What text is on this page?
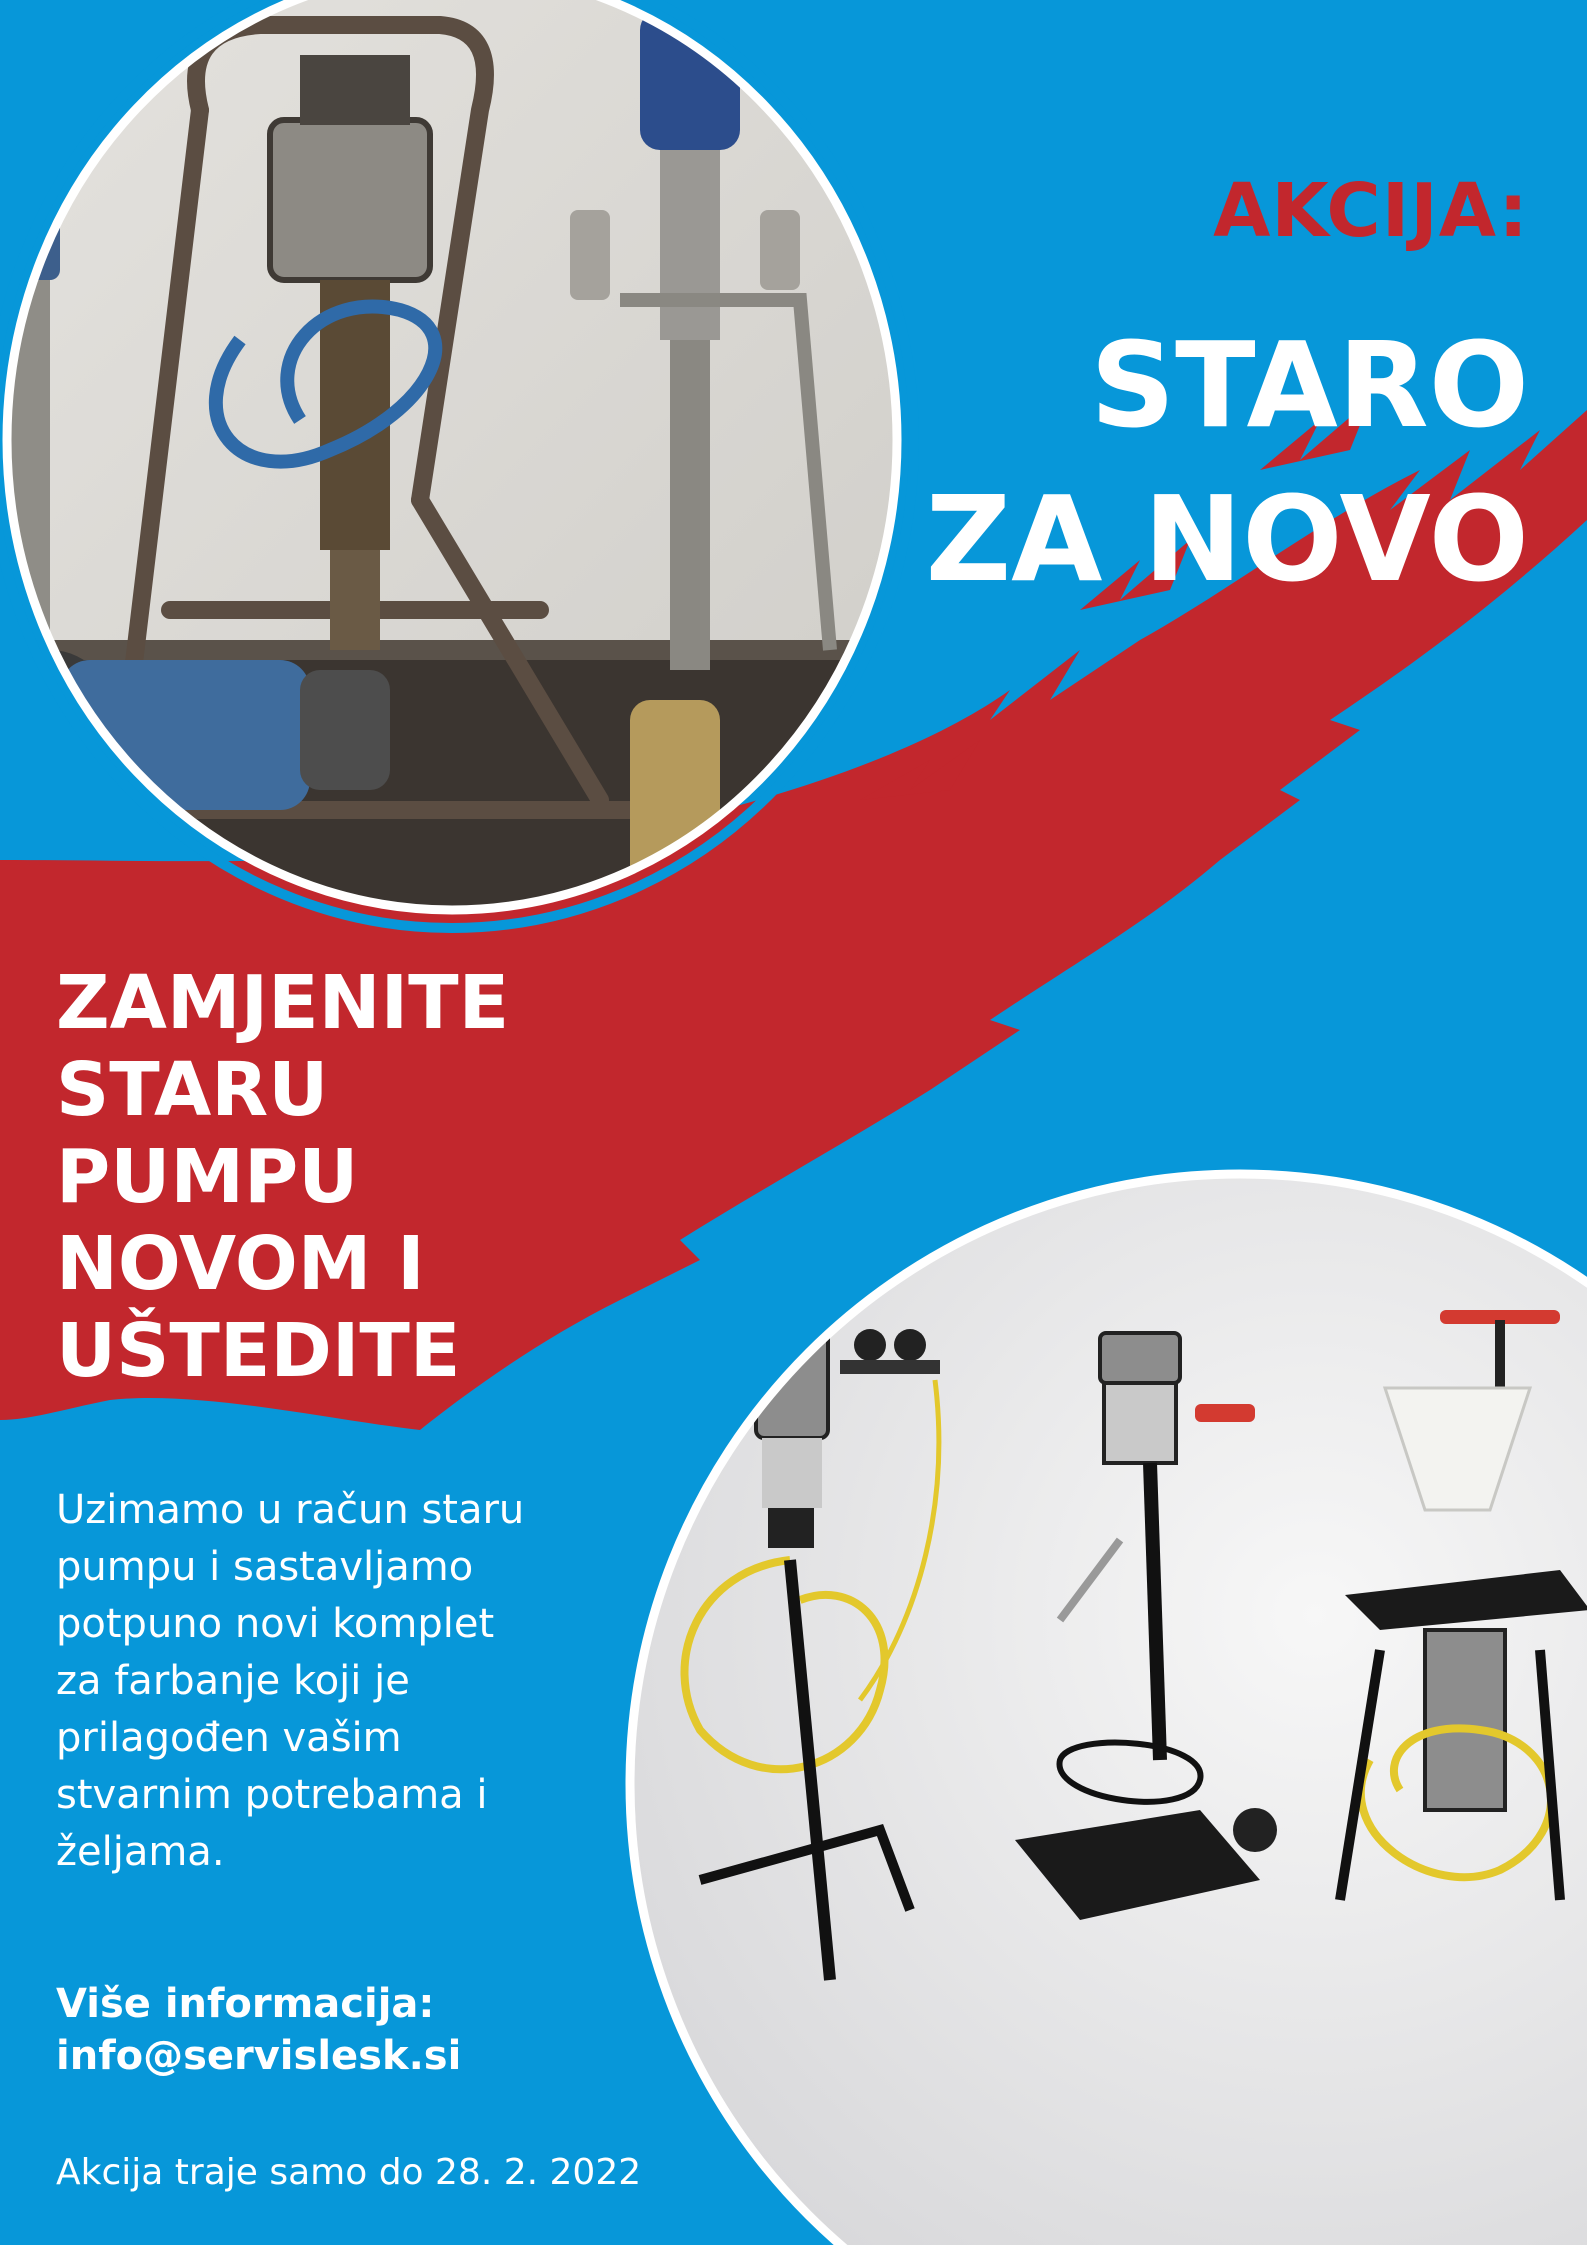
AKCIJA:
STARO
ZA NOVO
ZAMJENITE
STARU
PUMPU
NOVOM I
UŠTEDITE
Uzimamo u račun staru
pumpu i sastavljamo
potpuno novi komplet
za farbanje koji je
prilagođen vašim
stvarnim potrebama i
željama.
Više informacija:
info@servislesk.si
Akcija traje samo do 28. 2. 2022
